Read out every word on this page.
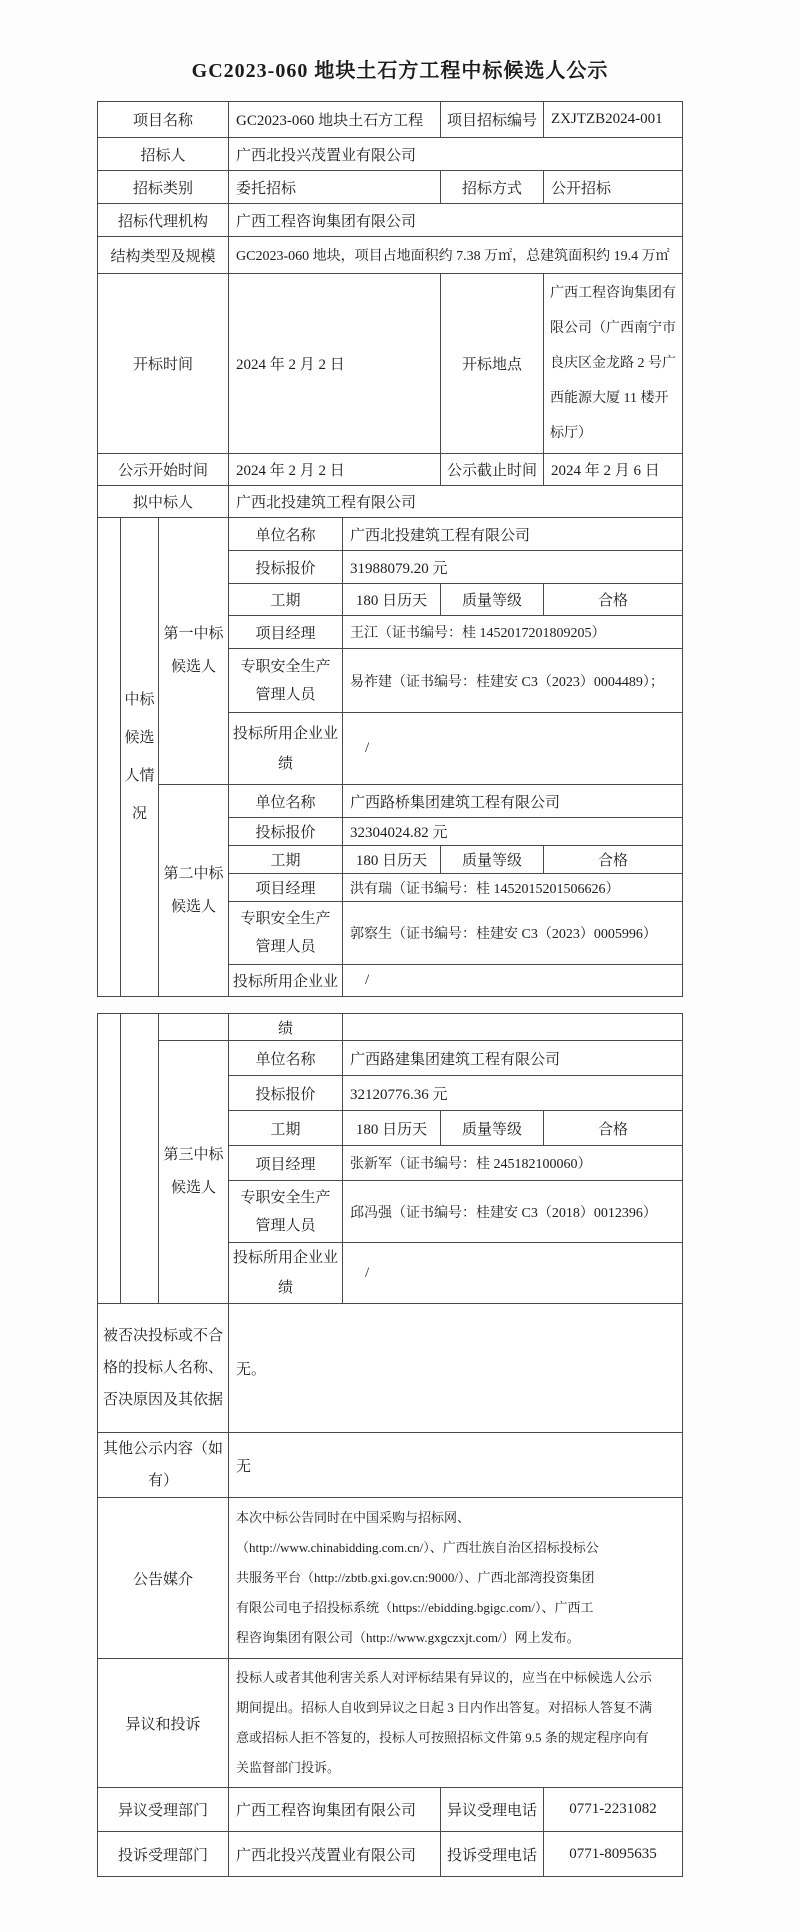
GC2023-060 地块土石方工程中标候选人公示
项目名称			GC2023-060 地块土石方工程		项目招标编号	ZXJTZB2024-001
招标人			广西北投兴茂置业有限公司			
招标类别			委托招标		招标方式	公开招标
招标代理机构			广西工程咨询集团有限公司			
结构类型及规模			GC2023-060 地块，项目占地面积约 7.38 万㎡，总建筑面积约 19.4 万㎡			
开标时间			2024 年 2 月 2 日		开标地点	广西工程咨询集团有限公司（广西南宁市良庆区金龙路 2 号广西能源大厦 11 楼开标厅）
公示开始时间			2024 年 2 月 2 日		公示截止时间	2024 年 2 月 6 日
拟中标人			广西北投建筑工程有限公司			
	中标候选人情况	第一中标候选人	单位名称	广西北投建筑工程有限公司		
			投标报价	31988079.20 元		
			工期	180 日历天	质量等级	合格
			项目经理	王江（证书编号：桂 1452017201809205）		
			专职安全生产管理人员	易祚建（证书编号：桂建安 C3（2023）0004489）；		
			投标所用企业业绩	/		
		第二中标候选人	单位名称	广西路桥集团建筑工程有限公司		
			投标报价	32304024.82 元		
			工期	180 日历天	质量等级	合格
			项目经理	洪有瑞（证书编号：桂 1452015201506626）		
			专职安全生产管理人员	郭察生（证书编号：桂建安 C3（2023）0005996）		
			投标所用企业业	/		
			绩			
		第三中标候选人	单位名称	广西路建集团建筑工程有限公司		
			投标报价	32120776.36 元		
			工期	180 日历天	质量等级	合格
			项目经理	张新军（证书编号：桂 245182100060）		
			专职安全生产管理人员	邱冯强（证书编号：桂建安 C3（2018）0012396）		
			投标所用企业业绩	/		
被否决投标或不合格的投标人名称、否决原因及其依据			无。			
其他公示内容（如有）			无			
公告媒介			本次中标公告同时在中国采购与招标网、
（http://www.chinabidding.com.cn/）、广西壮族自治区招标投标公
共服务平台（http://zbtb.gxi.gov.cn:9000/）、广西北部湾投资集团
有限公司电子招投标系统（https://ebidding.bgigc.com/）、广西工
程咨询集团有限公司（http://www.gxgczxjt.com/）网上发布。			

异议和投诉			投标人或者其他利害关系人对评标结果有异议的，应当在中标候选人公示
期间提出。招标人自收到异议之日起 3 日内作出答复。对招标人答复不满
意或招标人拒不答复的，投标人可按照招标文件第 9.5 条的规定程序向有
关监督部门投诉。			

异议受理部门			广西工程咨询集团有限公司		异议受理电话	0771-2231082
投诉受理部门			广西北投兴茂置业有限公司		投诉受理电话	0771-8095635
